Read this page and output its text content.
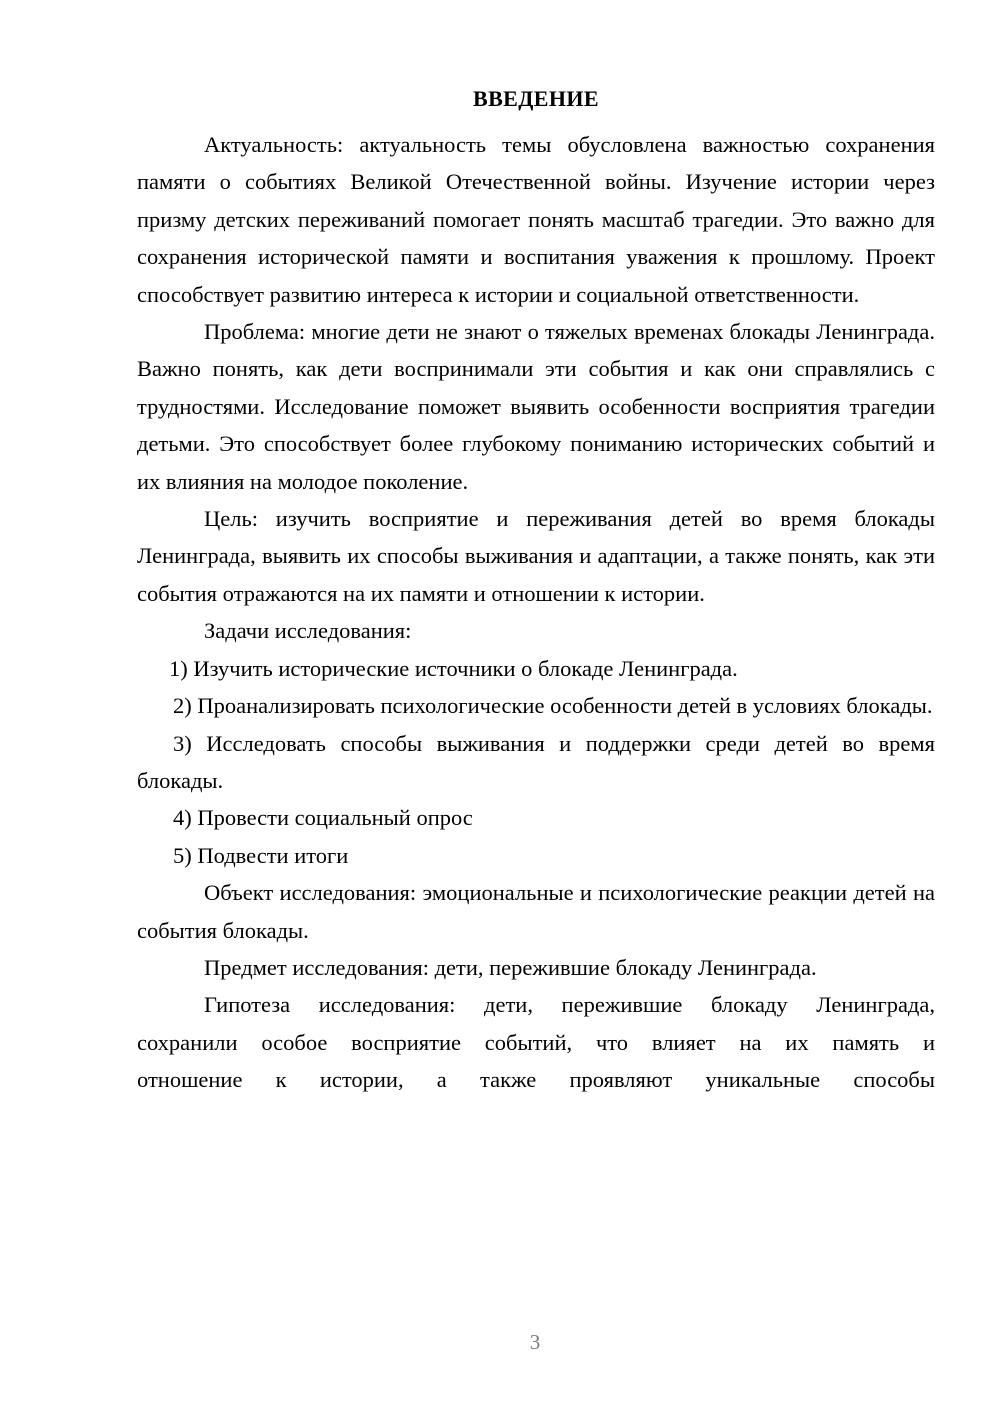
ВВЕДЕНИЕ

Актуальность: актуальность темы обусловлена важностью сохранения памяти о событиях Великой Отечественной войны. Изучение истории через призму детских переживаний помогает понять масштаб трагедии. Это важно для сохранения исторической памяти и воспитания уважения к прошлому. Проект способствует развитию интереса к истории и социальной ответственности.

Проблема: многие дети не знают о тяжелых временах блокады Ленинграда. Важно понять, как дети воспринимали эти события и как они справлялись с трудностями. Исследование поможет выявить особенности восприятия трагедии детьми. Это способствует более глубокому пониманию исторических событий и их влияния на молодое поколение.

Цель: изучить восприятие и переживания детей во время блокады Ленинграда, выявить их способы выживания и адаптации, а также понять, как эти события отражаются на их памяти и отношении к истории.

Задачи исследования:

1) Изучить исторические источники о блокаде Ленинграда.

2) Проанализировать психологические особенности детей в условиях блокады.

3) Исследовать способы выживания и поддержки среди детей во время блокады.

4) Провести социальный опрос

5) Подвести итоги

Объект исследования: эмоциональные и психологические реакции детей на события блокады.

Предмет исследования: дети, пережившие блокаду Ленинграда.

Гипотеза исследования: дети, пережившие блокаду Ленинграда,
сохранили особое восприятие событий, что влияет на их память и
отношение к истории, а также проявляют уникальные способы

3
